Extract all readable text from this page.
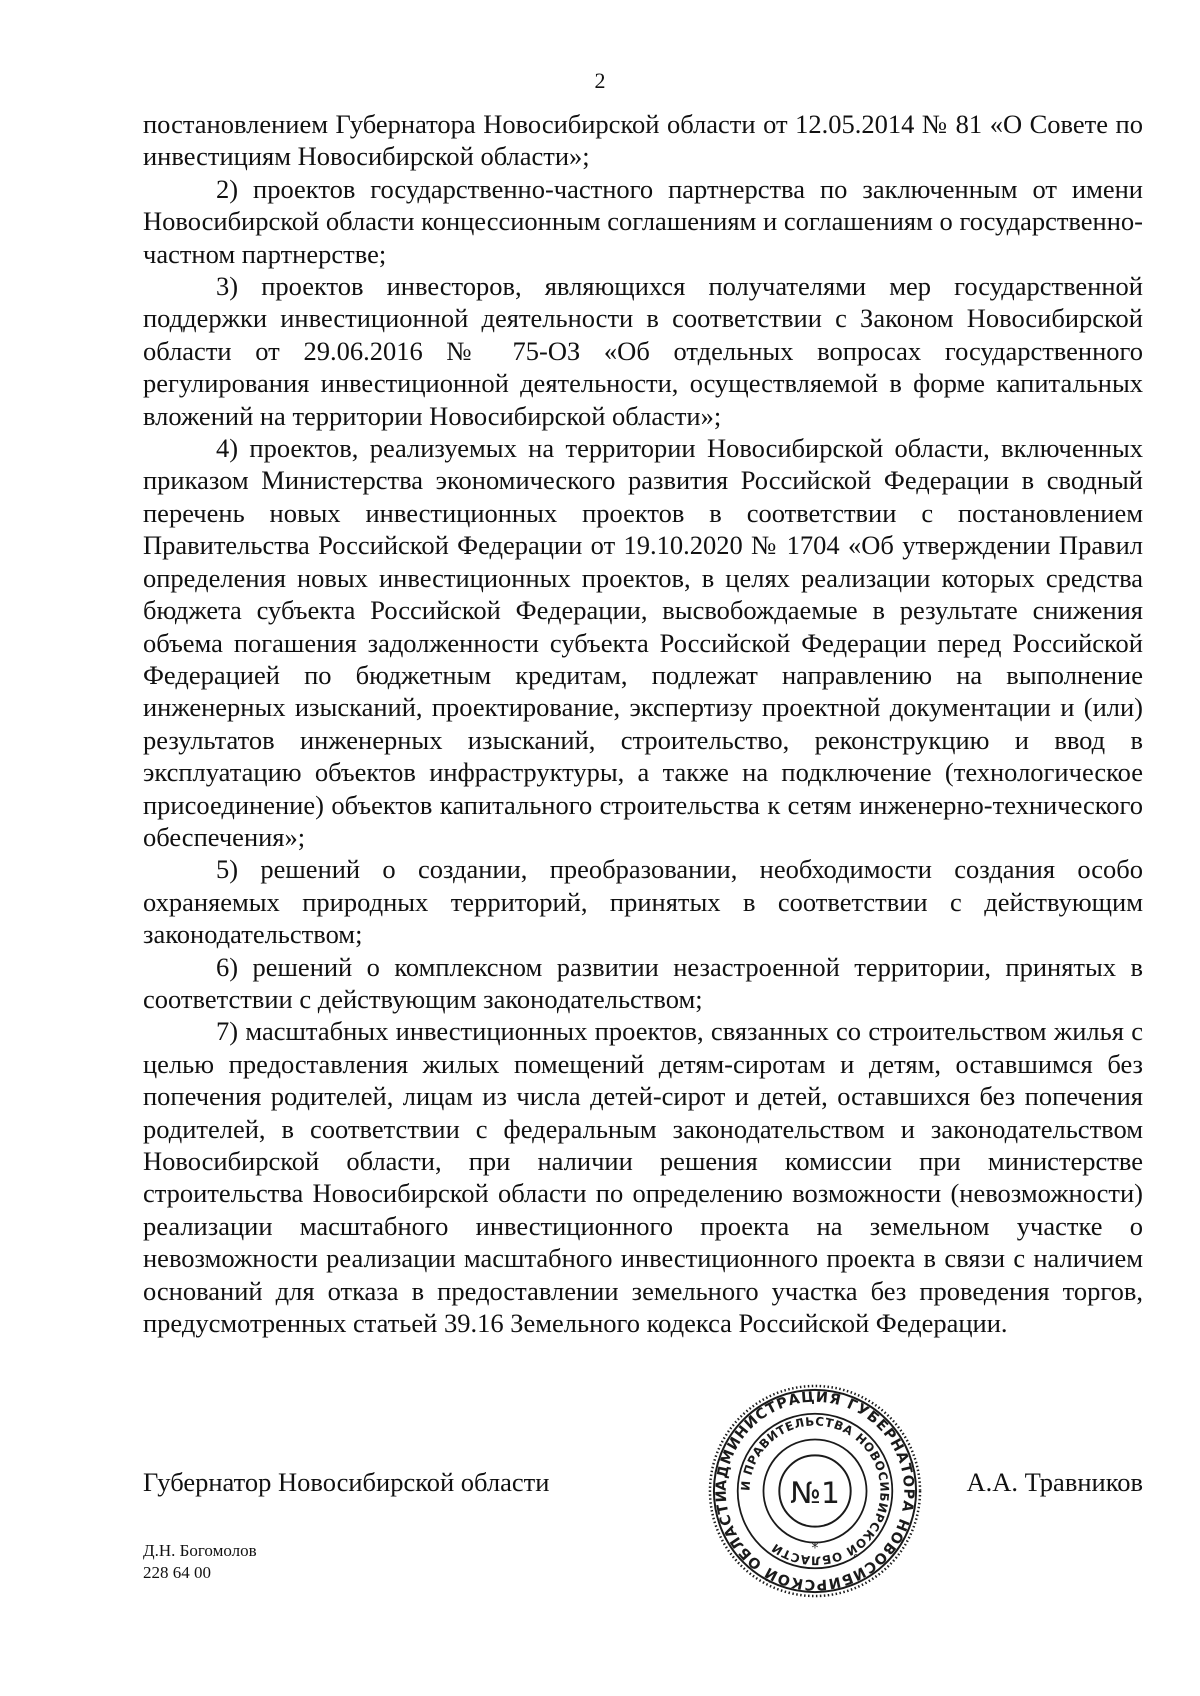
2

постановлением Губернатора Новосибирской области от 12.05.2014 № 81 «О Совете по инвестициям Новосибирской области»;

2) проектов государственно-частного партнерства по заключенным от имени Новосибирской области концессионным соглашениям и соглашениям о государственно-частном партнерстве;

3) проектов инвесторов, являющихся получателями мер государственной поддержки инвестиционной деятельности в соответствии с Законом Новосибирской области от 29.06.2016 № 75-ОЗ «Об отдельных вопросах государственного регулирования инвестиционной деятельности, осуществляемой в форме капитальных вложений на территории Новосибирской области»;

4) проектов, реализуемых на территории Новосибирской области, включенных приказом Министерства экономического развития Российской Федерации в сводный перечень новых инвестиционных проектов в соответствии с постановлением Правительства Российской Федерации от 19.10.2020 № 1704 «Об утверждении Правил определения новых инвестиционных проектов, в целях реализации которых средства бюджета субъекта Российской Федерации, высвобождаемые в результате снижения объема погашения задолженности субъекта Российской Федерации перед Российской Федерацией по бюджетным кредитам, подлежат направлению на выполнение инженерных изысканий, проектирование, экспертизу проектной документации и (или) результатов инженерных изысканий, строительство, реконструкцию и ввод в эксплуатацию объектов инфраструктуры, а также на подключение (технологическое присоединение) объектов капитального строительства к сетям инженерно-технического обеспечения»;

5) решений о создании, преобразовании, необходимости создания особо охраняемых природных территорий, принятых в соответствии с действующим законодательством;

6) решений о комплексном развитии незастроенной территории, принятых в соответствии с действующим законодательством;

7) масштабных инвестиционных проектов, связанных со строительством жилья с целью предоставления жилых помещений детям-сиротам и детям, оставшимся без попечения родителей, лицам из числа детей-сирот и детей, оставшихся без попечения родителей, в соответствии с федеральным законодательством и законодательством Новосибирской области, при наличии решения комиссии при министерстве строительства Новосибирской области по определению возможности (невозможности) реализации масштабного инвестиционного проекта на земельном участке о невозможности реализации масштабного инвестиционного проекта в связи с наличием оснований для отказа в предоставлении земельного участка без проведения торгов, предусмотренных статьей 39.16 Земельного кодекса Российской Федерации.

Губернатор Новосибирской области	А.А. Травников
АДМИНИСТРАЦИЯ ГУБЕРНАТОРА НОВОСИБИРСКОЙ ОБЛАСТИ
И ПРАВИТЕЛЬСТВА НОВОСИБИРСКОЙ ОБЛАСТИ
№1
*
Д.Н. Богомолов
228 64 00
